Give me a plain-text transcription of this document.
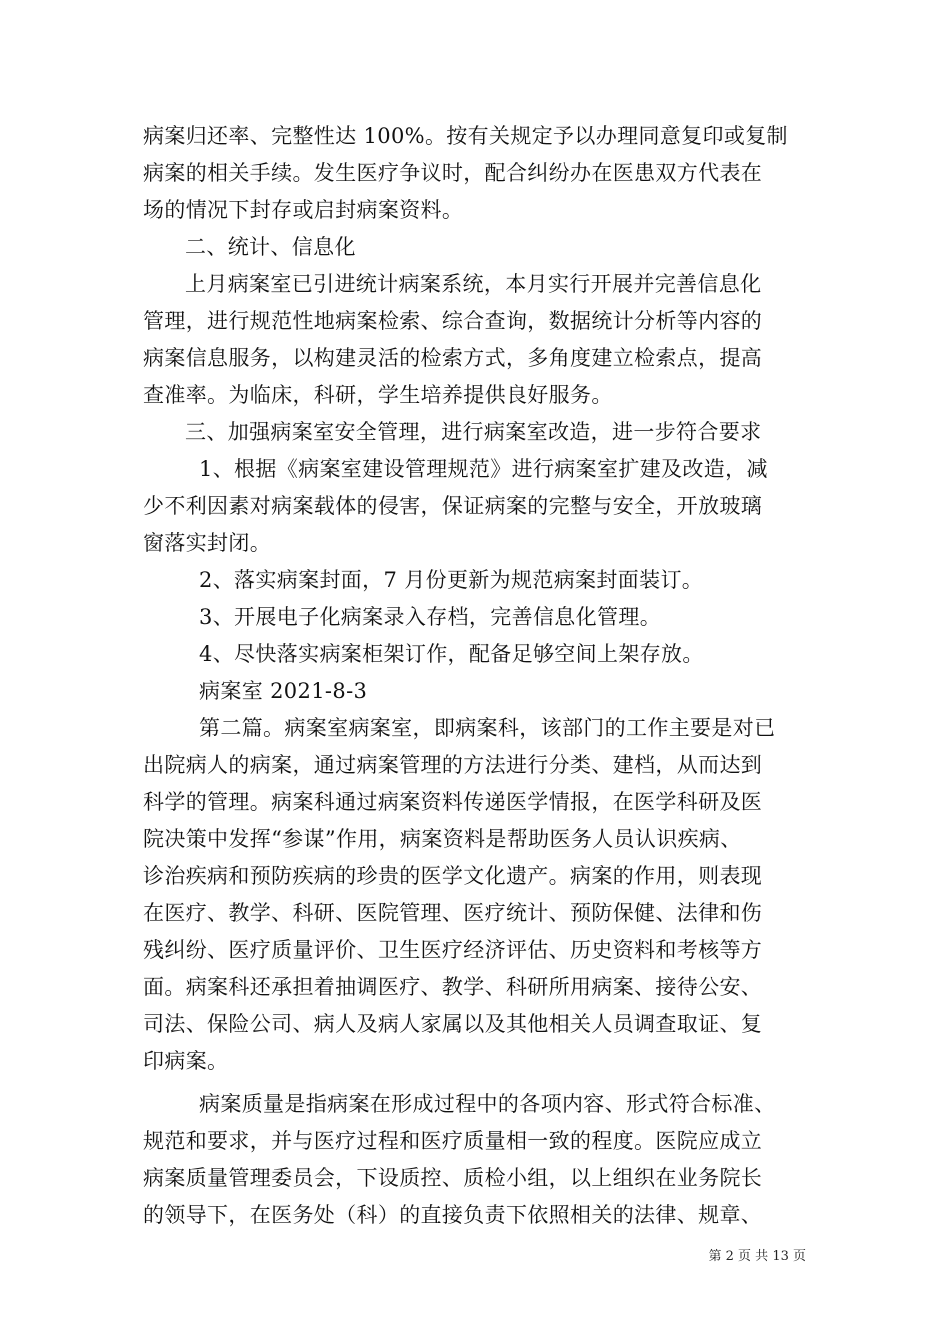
病案归还率、完整性达 100%。按有关规定予以办理同意复印或复制
病案的相关手续。发生医疗争议时，配合纠纷办在医患双方代表在
场的情况下封存或启封病案资料。
二、统计、信息化
上月病案室已引进统计病案系统，本月实行开展并完善信息化
管理，进行规范性地病案检索、综合查询，数据统计分析等内容的
病案信息服务，以构建灵活的检索方式，多角度建立检索点，提高
查准率。为临床，科研，学生培养提供良好服务。
三、加强病案室安全管理，进行病案室改造，进一步符合要求
1、根据《病案室建设管理规范》进行病案室扩建及改造，减
少不利因素对病案载体的侵害，保证病案的完整与安全，开放玻璃
窗落实封闭。
2、落实病案封面，7 月份更新为规范病案封面装订。
3、开展电子化病案录入存档，完善信息化管理。
4、尽快落实病案柜架订作，配备足够空间上架存放。
病案室 2021-8-3
第二篇。病案室病案室，即病案科，该部门的工作主要是对已
出院病人的病案，通过病案管理的方法进行分类、建档，从而达到
科学的管理。病案科通过病案资料传递医学情报，在医学科研及医
院决策中发挥“参谋”作用，病案资料是帮助医务人员认识疾病、
诊治疾病和预防疾病的珍贵的医学文化遗产。病案的作用，则表现
在医疗、教学、科研、医院管理、医疗统计、预防保健、法律和伤
残纠纷、医疗质量评价、卫生医疗经济评估、历史资料和考核等方
面。病案科还承担着抽调医疗、教学、科研所用病案、接待公安、
司法、保险公司、病人及病人家属以及其他相关人员调查取证、复
印病案。
病案质量是指病案在形成过程中的各项内容、形式符合标准、
规范和要求，并与医疗过程和医疗质量相一致的程度。医院应成立
病案质量管理委员会，下设质控、质检小组，以上组织在业务院长
的领导下，在医务处（科）的直接负责下依照相关的法律、规章、
第 2 页 共 13 页
